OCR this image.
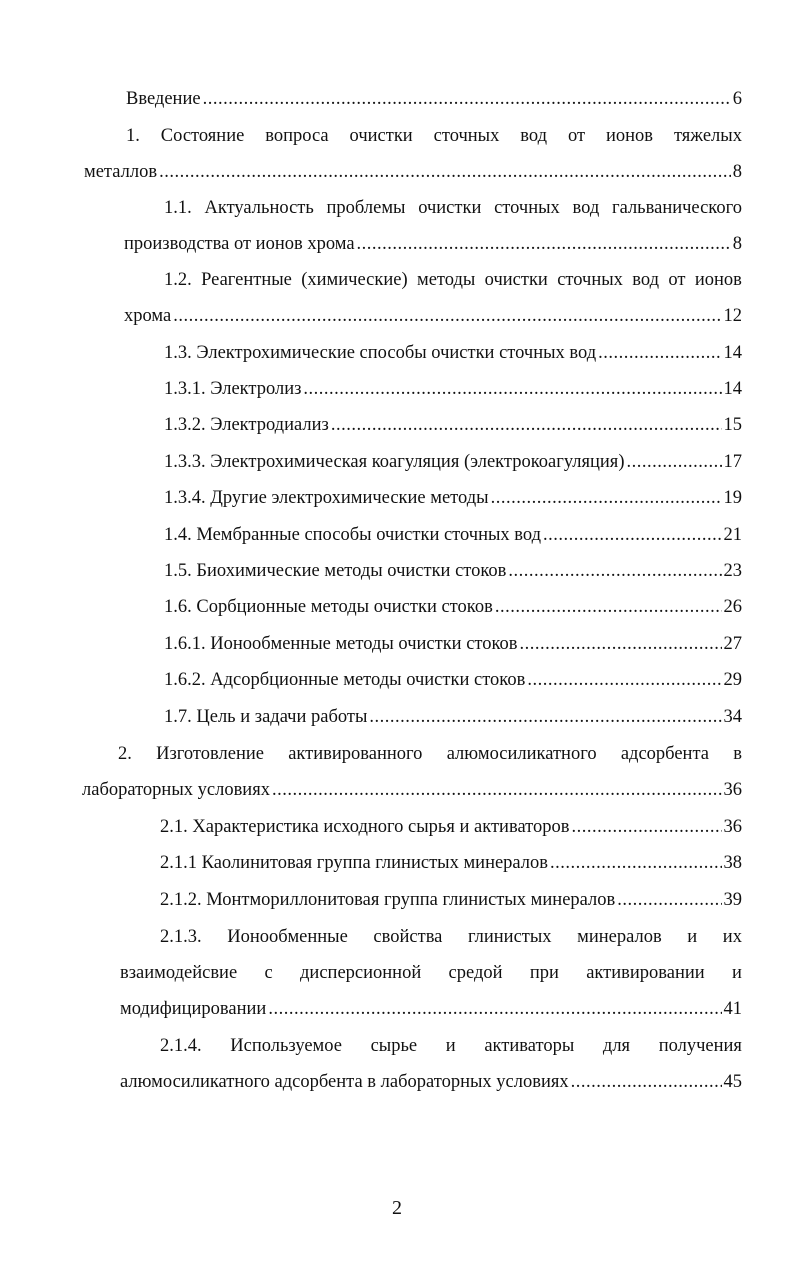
Введение .....	6
1. Состояние вопроса очистки сточных вод от ионов тяжелых
металлов .....	8
1.1. Актуальность проблемы очистки сточных вод гальванического
производства от ионов хрома .....	8
1.2. Реагентные (химические) методы очистки сточных вод от ионов
хрома .....	12
1.3. Электрохимические способы очистки сточных вод .....	14
1.3.1. Электролиз .....	14
1.3.2. Электродиализ .....	15
1.3.3. Электрохимическая коагуляция (электрокоагуляция) .....	17
1.3.4. Другие электрохимические методы .....	19
1.4. Мембранные способы очистки сточных вод .....	21
1.5. Биохимические методы очистки стоков .....	23
1.6. Сорбционные методы очистки стоков .....	26
1.6.1. Ионообменные методы очистки стоков .....	27
1.6.2. Адсорбционные методы очистки стоков .....	29
1.7. Цель и задачи работы .....	34
2. Изготовление активированного алюмосиликатного адсорбента в
лабораторных условиях .....	36
2.1. Характеристика исходного сырья и активаторов .....	36
2.1.1 Каолинитовая группа глинистых минералов .....	38
2.1.2. Монтмориллонитовая группа глинистых минералов .....	39
2.1.3. Ионообменные свойства глинистых минералов и их
взаимодейсвие с дисперсионной средой при активировании и
модифицировании .....	41
2.1.4. Используемое сырье и активаторы для получения
алюмосиликатного адсорбента в лабораторных условиях .....	45
2
